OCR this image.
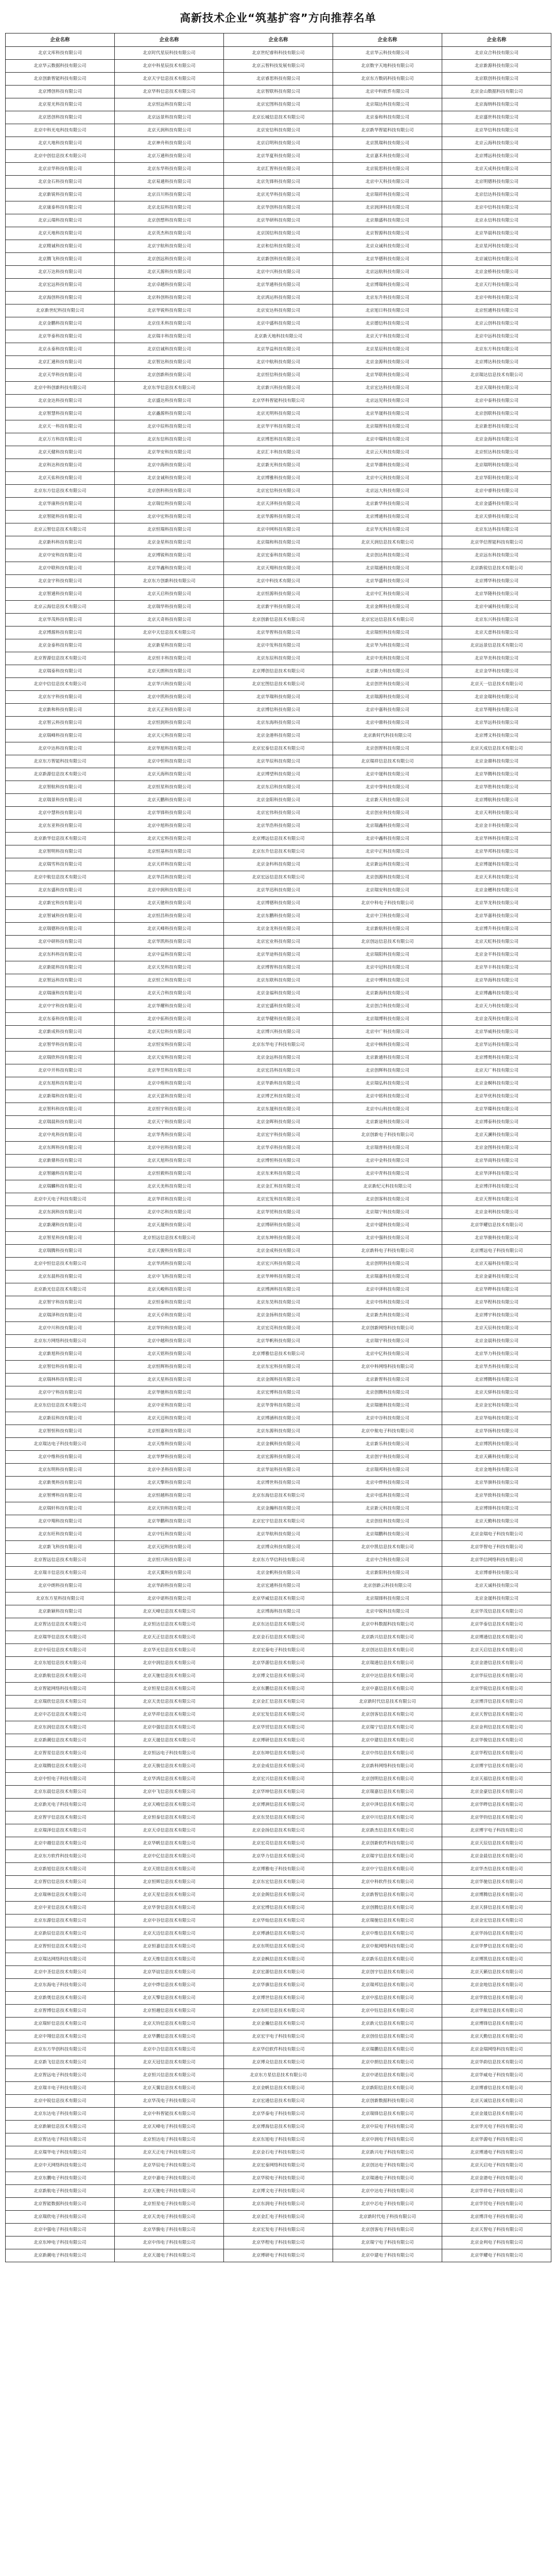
高新技术企业“筑基扩容”方向推荐名单
企业名称	企业名称	企业名称	企业名称	企业名称

北京文库科技有限公司	北京时代星辰科技有限公司	北京世纪睿科科技有限公司	北京华云科技有限公司	北京众合科技有限公司

北京华云数据科技有限公司	北京中科星辰技术有限公司	北京云智科技发展有限公司	北京数字天地科技有限公司	北京新源科技有限公司

北京创新智能科技有限公司	北京天宇信息技术有限公司	北京睿思科技有限公司	北京东方数码科技有限公司	北京联创科技有限公司

北京博创科技有限公司	北京华科信息技术有限公司	北京智联科技有限公司	北京中科软件有限公司	北京金山数据科技有限公司

北京星光科技有限公司	北京恒远科技有限公司	北京宏图科技有限公司	北京瑞达科技有限公司	北京海纳科技有限公司

北京思创科技有限公司	北京远景科技有限公司	北京长城信息技术有限公司	北京泰和科技有限公司	北京盛世科技有限公司

北京中科光电科技有限公司	北京天润科技有限公司	北京安信科技有限公司	北京新华智能科技有限公司	北京华信科技有限公司

北京大地科技有限公司	北京神舟科技有限公司	北京启明科技有限公司	北京凯瑞科技有限公司	北京云海科技有限公司

北京中创信息技术有限公司	北京万通科技有限公司	北京华夏科技有限公司	北京嘉禾科技有限公司	北京博远科技有限公司

北京京华科技有限公司	北京东华科技有限公司	北京汇智科技有限公司	北京锐思科技有限公司	北京天成科技有限公司

北京金石科技有限公司	北京易通科技有限公司	北京先锋科技有限公司	北京中天科技有限公司	北京明德科技有限公司

北京新锐科技有限公司	北京百川科技有限公司	北京光华科技有限公司	北京瑞祥科技有限公司	北京信达科技有限公司

北京康泰科技有限公司	北京北辰科技有限公司	北京华创科技有限公司	北京润泽科技有限公司	北京中信科技有限公司

北京云端科技有限公司	北京创想科技有限公司	北京华研科技有限公司	北京鼎盛科技有限公司	北京永信科技有限公司

北京天地科技有限公司	北京英杰科技有限公司	北京国信科技有限公司	北京智源科技有限公司	北京华晨科技有限公司

北京精诚科技有限公司	北京宇航科技有限公司	北京和信科技有限公司	北京众诚科技有限公司	北京星河科技有限公司

北京腾飞科技有限公司	北京创远科技有限公司	北京新创科技有限公司	北京华德科技有限公司	北京诚信科技有限公司

北京万达科技有限公司	北京天源科技有限公司	北京中兴科技有限公司	北京远航科技有限公司	北京金桥科技有限公司

北京宏远科技有限公司	北京卓越科技有限公司	北京华通科技有限公司	北京博瑞科技有限公司	北京天行科技有限公司

北京海创科技有限公司	北京科创科技有限公司	北京鸿运科技有限公司	北京东升科技有限公司	北京中和科技有限公司

北京新世纪科技有限公司	北京华锐科技有限公司	北京安达科技有限公司	北京旭日科技有限公司	北京恒通科技有限公司

北京金鹏科技有限公司	北京佳禾科技有限公司	北京中盛科技有限公司	北京德信科技有限公司	北京云创科技有限公司

北京华泰科技有限公司	北京瑞丰科技有限公司	北京新天地科技有限公司	北京天宇科技有限公司	北京中远科技有限公司

北京永泰科技有限公司	北京信诚科技有限公司	北京华益科技有限公司	北京星辰科技有限公司	北京东方科技有限公司

北京汇通科技有限公司	北京智达科技有限公司	北京中航科技有限公司	北京金源科技有限公司	北京博达科技有限公司

北京天华科技有限公司	北京创新科技有限公司	北京恒信科技有限公司	北京华联科技有限公司	北京瑞达信息技术有限公司

北京中科创新科技有限公司	北京东华信息技术有限公司	北京新兴科技有限公司	北京宏达科技有限公司	北京天瑞科技有限公司

北京金达科技有限公司	北京盛达科技有限公司	北京华科智能科技有限公司	北京远见科技有限公司	北京中泰科技有限公司

北京智慧科技有限公司	北京鑫源科技有限公司	北京光明科技有限公司	北京华晟科技有限公司	北京创联科技有限公司

北京天一科技有限公司	北京中辰科技有限公司	北京华宇科技有限公司	北京瑞智科技有限公司	北京新思科技有限公司

北京万方科技有限公司	北京东信科技有限公司	北京博思科技有限公司	北京中瑞科技有限公司	北京金海科技有限公司

北京天健科技有限公司	北京华安科技有限公司	北京汇丰科技有限公司	北京云天科技有限公司	北京恒达科技有限公司

北京科达科技有限公司	北京中海科技有限公司	北京新光科技有限公司	北京华鼎科技有限公司	北京瑞明科技有限公司

北京天佑科技有限公司	北京金诚科技有限公司	北京博雅科技有限公司	北京中元科技有限公司	北京华阳科技有限公司

北京东方信息技术有限公司	北京创科科技有限公司	北京宏信科技有限公司	北京远大科技有限公司	北京中睿科技有限公司

北京华康科技有限公司	北京瑞信科技有限公司	北京天泽科技有限公司	北京新华科技有限公司	北京金盛科技有限公司

北京智能科技有限公司	北京中宏科技有限公司	北京华源科技有限公司	北京博通科技有限公司	北京天骄科技有限公司

北京云智信息技术有限公司	北京恒瑞科技有限公司	北京中网科技有限公司	北京华光科技有限公司	北京东达科技有限公司

北京新科科技有限公司	北京金星科技有限公司	北京瑞和科技有限公司	北京天润信息技术有限公司	北京华信智能科技有限公司

北京中安科技有限公司	北京博锐科技有限公司	北京宏泰科技有限公司	北京创达科技有限公司	北京远东科技有限公司

北京中联科技有限公司	北京华鑫科技有限公司	北京天翔科技有限公司	北京瑞通科技有限公司	北京新锐信息技术有限公司

北京金宇科技有限公司	北京东方创新科技有限公司	北京中科技术有限公司	北京华盛科技有限公司	北京博华科技有限公司

北京智通科技有限公司	北京天启科技有限公司	北京恒源科技有限公司	北京中汇科技有限公司	北京华隆科技有限公司

北京云海信息技术有限公司	北京瑞华科技有限公司	北京新宇科技有限公司	北京金辉科技有限公司	北京中诚科技有限公司

北京华茂科技有限公司	北京天奇科技有限公司	北京创新信息技术有限公司	北京宏达信息技术有限公司	北京东兴科技有限公司

北京博源科技有限公司	北京中天信息技术有限公司	北京华智科技有限公司	北京瑞恒科技有限公司	北京天意科技有限公司

北京金泰科技有限公司	北京新星科技有限公司	北京中发科技有限公司	北京华为科技有限公司	北京远景信息技术有限公司

北京智源信息技术有限公司	北京恒丰科技有限公司	北京东辰科技有限公司	北京中美科技有限公司	北京华美科技有限公司

北京瑞泰科技有限公司	北京天朗科技有限公司	北京博创信息技术有限公司	北京新力科技有限公司	北京金华科技有限公司

北京中信信息技术有限公司	北京华兴科技有限公司	北京宏图信息技术有限公司	北京创世科技有限公司	北京天一信息技术有限公司

北京东宇科技有限公司	北京中凯科技有限公司	北京华瑞科技有限公司	北京瑞源科技有限公司	北京金瑞科技有限公司

北京新和科技有限公司	北京天正科技有限公司	北京博信科技有限公司	北京中嘉科技有限公司	北京华翔科技有限公司

北京智云科技有限公司	北京恒润科技有限公司	北京东海科技有限公司	北京中鼎科技有限公司	北京华远科技有限公司

北京瑞峰科技有限公司	北京天元科技有限公司	北京金港科技有限公司	北京新时代科技有限公司	北京博文科技有限公司

北京中达科技有限公司	北京华旭科技有限公司	北京宏泰信息技术有限公司	北京创智科技有限公司	北京天成信息技术有限公司

北京东方智能科技有限公司	北京中恒科技有限公司	北京华辰科技有限公司	北京瑞祥信息技术有限公司	北京金鼎科技有限公司

北京新源信息技术有限公司	北京天海科技有限公司	北京博望科技有限公司	北京中晟科技有限公司	北京华腾科技有限公司

北京智航科技有限公司	北京恒星科技有限公司	北京东启科技有限公司	北京中誉科技有限公司	北京华胜科技有限公司

北京瑞景科技有限公司	北京天鹏科技有限公司	北京金阳科技有限公司	北京新天科技有限公司	北京博航科技有限公司

北京中慧科技有限公司	北京华锋科技有限公司	北京宏伟科技有限公司	北京创业科技有限公司	北京天利科技有限公司

北京东亚科技有限公司	北京中旭科技有限公司	北京华浩科技有限公司	北京瑞鑫科技有限公司	北京金丰科技有限公司

北京新华信息技术有限公司	北京天宏科技有限公司	北京博远信息技术有限公司	北京中鑫科技有限公司	北京华林科技有限公司

北京智明科技有限公司	北京恒基科技有限公司	北京东升信息技术有限公司	北京中正科技有限公司	北京华邦科技有限公司

北京瑞雪科技有限公司	北京天祥科技有限公司	北京金科科技有限公司	北京新远科技有限公司	北京博晟科技有限公司

北京中航信息技术有限公司	北京华昌科技有限公司	北京宏远信息技术有限公司	北京创源科技有限公司	北京天禾科技有限公司

北京东盛科技有限公司	北京中润科技有限公司	北京华迅科技有限公司	北京瑞安科技有限公司	北京金穗科技有限公司

北京新宏科技有限公司	北京天驰科技有限公司	北京博德科技有限公司	北京中科电子科技有限公司	北京华龙科技有限公司

北京智诚科技有限公司	北京恒昌科技有限公司	北京东鹏科技有限公司	北京中卫科技有限公司	北京华嘉科技有限公司

北京瑞德科技有限公司	北京天峰科技有限公司	北京金龙科技有限公司	北京新航科技有限公司	北京博升科技有限公司

北京中研科技有限公司	北京华凯科技有限公司	北京宏业科技有限公司	北京创远信息技术有限公司	北京天虹科技有限公司

北京东科科技有限公司	北京中益科技有限公司	北京华途科技有限公司	北京瑞阳科技有限公司	北京金平科技有限公司

北京新能科技有限公司	北京天昊科技有限公司	北京博智科技有限公司	北京中冠科技有限公司	北京华丰科技有限公司

北京智远科技有限公司	北京恒立科技有限公司	北京东联科技有限公司	北京中博科技有限公司	北京华海科技有限公司

北京瑞康科技有限公司	北京天合科技有限公司	北京金福科技有限公司	北京新海科技有限公司	北京博鑫科技有限公司

北京中宇科技有限公司	北京华耀科技有限公司	北京宏盛科技有限公司	北京创合科技有限公司	北京天力科技有限公司

北京东泰科技有限公司	北京中拓科技有限公司	北京华健科技有限公司	北京瑞博科技有限公司	北京金茂科技有限公司

北京新成科技有限公司	北京天信科技有限公司	北京博兴科技有限公司	北京中广科技有限公司	北京华威科技有限公司

北京智华科技有限公司	北京恒安科技有限公司	北京东华电子科技有限公司	北京中核科技有限公司	北京华运科技有限公司

北京瑞欣科技有限公司	北京天安科技有限公司	北京金远科技有限公司	北京新通科技有限公司	北京博奥科技有限公司

北京中开科技有限公司	北京华昱科技有限公司	北京宏昌科技有限公司	北京创辉科技有限公司	北京天广科技有限公司

北京东旭科技有限公司	北京中煌科技有限公司	北京华新科技有限公司	北京瑞弘科技有限公司	北京金桐科技有限公司

北京新瑞科技有限公司	北京天富科技有限公司	北京博艺科技有限公司	北京中铭科技有限公司	北京华优科技有限公司

北京智科科技有限公司	北京恒宇科技有限公司	北京东晟科技有限公司	北京中山科技有限公司	北京华臻科技有限公司

北京瑞晨科技有限公司	北京天宁科技有限公司	北京金晖科技有限公司	北京新途科技有限公司	北京博泰科技有限公司

北京中兆科技有限公司	北京华秀科技有限公司	北京宏宇科技有限公司	北京创新电子科技有限公司	北京天澜科技有限公司

北京东辉科技有限公司	北京中岩科技有限公司	北京华卓科技有限公司	北京瑞普科技有限公司	北京金图科技有限公司

北京新鼎科技有限公司	北京天旭科技有限公司	北京博恒科技有限公司	北京中金科技有限公司	北京华商科技有限公司

北京智融科技有限公司	北京恒毅科技有限公司	北京东来科技有限公司	北京中青科技有限公司	北京华泽科技有限公司

北京瑞麟科技有限公司	北京天美科技有限公司	北京金汇科技有限公司	北京新纪元科技有限公司	北京博洋科技有限公司

北京中天电子科技有限公司	北京华祥科技有限公司	北京宏发科技有限公司	北京创客科技有限公司	北京天智科技有限公司

北京东润科技有限公司	北京中芯科技有限公司	北京华贸科技有限公司	北京瑞宁科技有限公司	北京金利科技有限公司

北京新潮科技有限公司	北京天晟科技有限公司	北京博研科技有限公司	北京中建科技有限公司	北京华耀信息技术有限公司

北京智星科技有限公司	北京恒远信息技术有限公司	北京东坤科技有限公司	北京中强科技有限公司	北京华骏科技有限公司

北京瑞腾科技有限公司	北京天骏科技有限公司	北京金成科技有限公司	北京新科电子科技有限公司	北京博远电子科技有限公司

北京中恒信息技术有限公司	北京华鸿科技有限公司	北京宏兴科技有限公司	北京创明科技有限公司	北京天福科技有限公司

北京东晨科技有限公司	北京中飞科技有限公司	北京华坤科技有限公司	北京瑞嘉科技有限公司	北京金豪科技有限公司

北京新光信息技术有限公司	北京天峻科技有限公司	北京博洲科技有限公司	北京中泽科技有限公司	北京华晔科技有限公司

北京智宇科技有限公司	北京恒泰科技有限公司	北京东昊科技有限公司	北京中伟科技有限公司	北京华程科技有限公司

北京瑞泽科技有限公司	北京天卓科技有限公司	北京金扬科技有限公司	北京新杰科技有限公司	北京博宇科技有限公司

北京中川科技有限公司	北京华钧科技有限公司	北京宏亮科技有限公司	北京创新网络科技有限公司	北京天辰科技有限公司

北京东方网络科技有限公司	北京中越科技有限公司	北京华帆科技有限公司	北京瑞宇科技有限公司	北京金晨科技有限公司

北京新旭科技有限公司	北京天铭科技有限公司	北京博雅信息技术有限公司	北京中亿科技有限公司	北京华力科技有限公司

北京智信科技有限公司	北京恒辉科技有限公司	北京东宏科技有限公司	北京中科网络科技有限公司	北京华杰科技有限公司

北京瑞林科技有限公司	北京天星科技有限公司	北京金阁科技有限公司	北京新智科技有限公司	北京博腾科技有限公司

北京中宁科技有限公司	北京华驰科技有限公司	北京宏博科技有限公司	北京创腾科技有限公司	北京天驿科技有限公司

北京东信信息技术有限公司	北京中亚科技有限公司	北京华誉科技有限公司	北京瑞驰科技有限公司	北京金宏科技有限公司

北京新辰科技有限公司	北京天迈科技有限公司	北京博涵科技有限公司	北京中谷科技有限公司	北京华灿科技有限公司

北京智恒科技有限公司	北京恒嘉科技有限公司	北京东源科技有限公司	北京中航电子科技有限公司	北京华扬科技有限公司

北京瑞达电子科技有限公司	北京天维科技有限公司	北京金枫科技有限公司	北京新乐科技有限公司	北京博凯科技有限公司

北京中维科技有限公司	北京华梦科技有限公司	北京宏源科技有限公司	北京创宇科技有限公司	北京天籁科技有限公司

北京东明科技有限公司	北京中圣科技有限公司	北京华谊科技有限公司	北京瑞邦科技有限公司	北京金地科技有限公司

北京新奥科技有限公司	北京天擎科技有限公司	北京博世科技有限公司	北京中烨科技有限公司	北京华旗科技有限公司

北京智博科技有限公司	北京恒越科技有限公司	北京东海信息技术有限公司	北京中泓科技有限公司	北京华致科技有限公司

北京瑞轩科技有限公司	北京天钧科技有限公司	北京金瀚科技有限公司	北京新元科技有限公司	北京博锋科技有限公司

北京中翔科技有限公司	北京华鹏科技有限公司	北京宏宇信息技术有限公司	北京创佳科技有限公司	北京天勤科技有限公司

北京东旺科技有限公司	北京中钰科技有限公司	北京华航科技有限公司	北京瑞鹏科技有限公司	北京金瑞电子科技有限公司

北京新飞科技有限公司	北京天冠科技有限公司	北京博众科技有限公司	北京中凯信息技术有限公司	北京华智电子科技有限公司

北京智远信息技术有限公司	北京恒兴科技有限公司	北京东方华信科技有限公司	北京中合科技有限公司	北京华信网络科技有限公司

北京瑞丰信息技术有限公司	北京天翼科技有限公司	北京金帆科技有限公司	北京新阳科技有限公司	北京博睿科技有限公司

北京中朗科技有限公司	北京华韵科技有限公司	北京宏通科技有限公司	北京创新云科技有限公司	北京天诚科技有限公司

北京东方星科技有限公司	北京中诺科技有限公司	北京华威信息技术有限公司	北京瑞锋科技有限公司	北京金晟科技有限公司

北京新颖科技有限公司	北京天峰信息技术有限公司	北京博海科技有限公司	北京中锐科技有限公司	北京华茂信息技术有限公司

北京智达信息技术有限公司	北京恒达信息技术有限公司	北京东达信息技术有限公司	北京中科数据科技有限公司	北京华泰信息技术有限公司

北京瑞华信息技术有限公司	北京天正信息技术有限公司	北京金石信息技术有限公司	北京新兴信息技术有限公司	北京博通信息技术有限公司

北京中辰信息技术有限公司	北京华光信息技术有限公司	北京宏泰电子科技有限公司	北京创达信息技术有限公司	北京天启信息技术有限公司

北京东旭信息技术有限公司	北京中润信息技术有限公司	北京华源信息技术有限公司	北京瑞通信息技术有限公司	北京金港信息技术有限公司

北京新航信息技术有限公司	北京天驰信息技术有限公司	北京博文信息技术有限公司	北京中达信息技术有限公司	北京华辰信息技术有限公司

北京智能网络科技有限公司	北京恒星信息技术有限公司	北京东鹏信息技术有限公司	北京中嘉信息技术有限公司	北京华锐信息技术有限公司

北京瑞欣信息技术有限公司	北京天美信息技术有限公司	北京金汇信息技术有限公司	北京新时代信息技术有限公司	北京博洋信息技术有限公司

北京中芯信息技术有限公司	北京华祥信息技术有限公司	北京宏发信息技术有限公司	北京创客信息技术有限公司	北京天智信息技术有限公司

北京东润信息技术有限公司	北京中强信息技术有限公司	北京华贸信息技术有限公司	北京瑞宁信息技术有限公司	北京金利信息技术有限公司

北京新潮信息技术有限公司	北京天晟信息技术有限公司	北京博研信息技术有限公司	北京中建信息技术有限公司	北京华骏信息技术有限公司

北京智星信息技术有限公司	北京恒远电子科技有限公司	北京东坤信息技术有限公司	北京中伟信息技术有限公司	北京华程信息技术有限公司

北京瑞腾信息技术有限公司	北京天骏信息技术有限公司	北京金成信息技术有限公司	北京新科网络科技有限公司	北京博宇信息技术有限公司

北京中恒电子科技有限公司	北京华鸿信息技术有限公司	北京宏兴信息技术有限公司	北京创明信息技术有限公司	北京天福信息技术有限公司

北京东晨信息技术有限公司	北京中飞信息技术有限公司	北京华坤信息技术有限公司	北京瑞嘉信息技术有限公司	北京金豪信息技术有限公司

北京新光电子科技有限公司	北京天峻信息技术有限公司	北京博洲信息技术有限公司	北京中泽信息技术有限公司	北京华晔信息技术有限公司

北京智宇信息技术有限公司	北京恒泰信息技术有限公司	北京东昊信息技术有限公司	北京中川信息技术有限公司	北京华钧信息技术有限公司

北京瑞泽信息技术有限公司	北京天卓信息技术有限公司	北京金扬信息技术有限公司	北京新杰信息技术有限公司	北京博宇电子科技有限公司

北京中越信息技术有限公司	北京华帆信息技术有限公司	北京宏亮信息技术有限公司	北京创新软件科技有限公司	北京天辰信息技术有限公司

北京东方软件科技有限公司	北京中亿信息技术有限公司	北京华力信息技术有限公司	北京瑞宇信息技术有限公司	北京金晨信息技术有限公司

北京新旭信息技术有限公司	北京天铭信息技术有限公司	北京博雅电子科技有限公司	北京中宁信息技术有限公司	北京华杰信息技术有限公司

北京智信信息技术有限公司	北京恒辉信息技术有限公司	北京东宏信息技术有限公司	北京中科软件技术有限公司	北京华驰信息技术有限公司

北京瑞林信息技术有限公司	北京天星信息技术有限公司	北京金阁信息技术有限公司	北京新智信息技术有限公司	北京博腾信息技术有限公司

北京中亚信息技术有限公司	北京华誉信息技术有限公司	北京宏博信息技术有限公司	北京创腾信息技术有限公司	北京天驿信息技术有限公司

北京东源信息技术有限公司	北京中谷信息技术有限公司	北京华灿信息技术有限公司	北京瑞驰信息技术有限公司	北京金宏信息技术有限公司

北京新辰信息技术有限公司	北京天迈信息技术有限公司	北京博涵信息技术有限公司	北京中维信息技术有限公司	北京华扬信息技术有限公司

北京智恒信息技术有限公司	北京恒嘉信息技术有限公司	北京东明信息技术有限公司	北京中航网络科技有限公司	北京华梦信息技术有限公司

北京瑞达网络科技有限公司	北京天维信息技术有限公司	北京金枫信息技术有限公司	北京新乐信息技术有限公司	北京博凯信息技术有限公司

北京中圣信息技术有限公司	北京华谊信息技术有限公司	北京宏源信息技术有限公司	北京创宇信息技术有限公司	北京天籁信息技术有限公司

北京东海电子科技有限公司	北京中烨信息技术有限公司	北京华旗信息技术有限公司	北京瑞邦信息技术有限公司	北京金地信息技术有限公司

北京新奥信息技术有限公司	北京天擎信息技术有限公司	北京博世信息技术有限公司	北京中泓信息技术有限公司	北京华致信息技术有限公司

北京智博信息技术有限公司	北京恒越信息技术有限公司	北京东旺信息技术有限公司	北京中钰信息技术有限公司	北京华航信息技术有限公司

北京瑞轩信息技术有限公司	北京天钧信息技术有限公司	北京金瀚信息技术有限公司	北京新元信息技术有限公司	北京博锋信息技术有限公司

北京中翔信息技术有限公司	北京华鹏信息技术有限公司	北京宏宇电子科技有限公司	北京创佳信息技术有限公司	北京天勤信息技术有限公司

北京东方华创科技有限公司	北京中合信息技术有限公司	北京华信软件科技有限公司	北京瑞鹏信息技术有限公司	北京金瑞网络科技有限公司

北京新飞信息技术有限公司	北京天冠信息技术有限公司	北京博众信息技术有限公司	北京中朗信息技术有限公司	北京华韵信息技术有限公司

北京智远电子科技有限公司	北京恒兴信息技术有限公司	北京东方星信息技术有限公司	北京中诺信息技术有限公司	北京华威电子科技有限公司

北京瑞丰电子科技有限公司	北京天翼信息技术有限公司	北京金帆信息技术有限公司	北京新阳信息技术有限公司	北京博睿信息技术有限公司

北京中锐信息技术有限公司	北京华茂电子科技有限公司	北京宏通信息技术有限公司	北京创新数据科技有限公司	北京天诚信息技术有限公司

北京东达电子科技有限公司	北京中科智能技术有限公司	北京华泰电子科技有限公司	北京瑞锋信息技术有限公司	北京金晟信息技术有限公司

北京新颖信息技术有限公司	北京天峰电子科技有限公司	北京博海信息技术有限公司	北京中辰电子科技有限公司	北京华光电子科技有限公司

北京智达电子科技有限公司	北京恒达电子科技有限公司	北京东旭电子科技有限公司	北京中润电子科技有限公司	北京华源电子科技有限公司

北京瑞华电子科技有限公司	北京天正电子科技有限公司	北京金石电子科技有限公司	北京新兴电子科技有限公司	北京博通电子科技有限公司

北京中天网络科技有限公司	北京华辰电子科技有限公司	北京宏泰网络科技有限公司	北京创达电子科技有限公司	北京天启电子科技有限公司

北京东鹏电子科技有限公司	北京中嘉电子科技有限公司	北京华锐电子科技有限公司	北京瑞通电子科技有限公司	北京金港电子科技有限公司

北京新航电子科技有限公司	北京天驰电子科技有限公司	北京博文电子科技有限公司	北京中达电子科技有限公司	北京华祥电子科技有限公司

北京智能数据科技有限公司	北京恒星电子科技有限公司	北京东润电子科技有限公司	北京中芯电子科技有限公司	北京华贸电子科技有限公司

北京瑞欣电子科技有限公司	北京天美电子科技有限公司	北京金汇电子科技有限公司	北京新时代电子科技有限公司	北京博洋电子科技有限公司

北京中强电子科技有限公司	北京华骏电子科技有限公司	北京宏发电子科技有限公司	北京创客电子科技有限公司	北京天智电子科技有限公司

北京东坤电子科技有限公司	北京中伟电子科技有限公司	北京华程电子科技有限公司	北京瑞宁电子科技有限公司	北京金利电子科技有限公司

北京新潮电子科技有限公司	北京天晟电子科技有限公司	北京博研电子科技有限公司	北京中建电子科技有限公司	北京华耀电子科技有限公司
